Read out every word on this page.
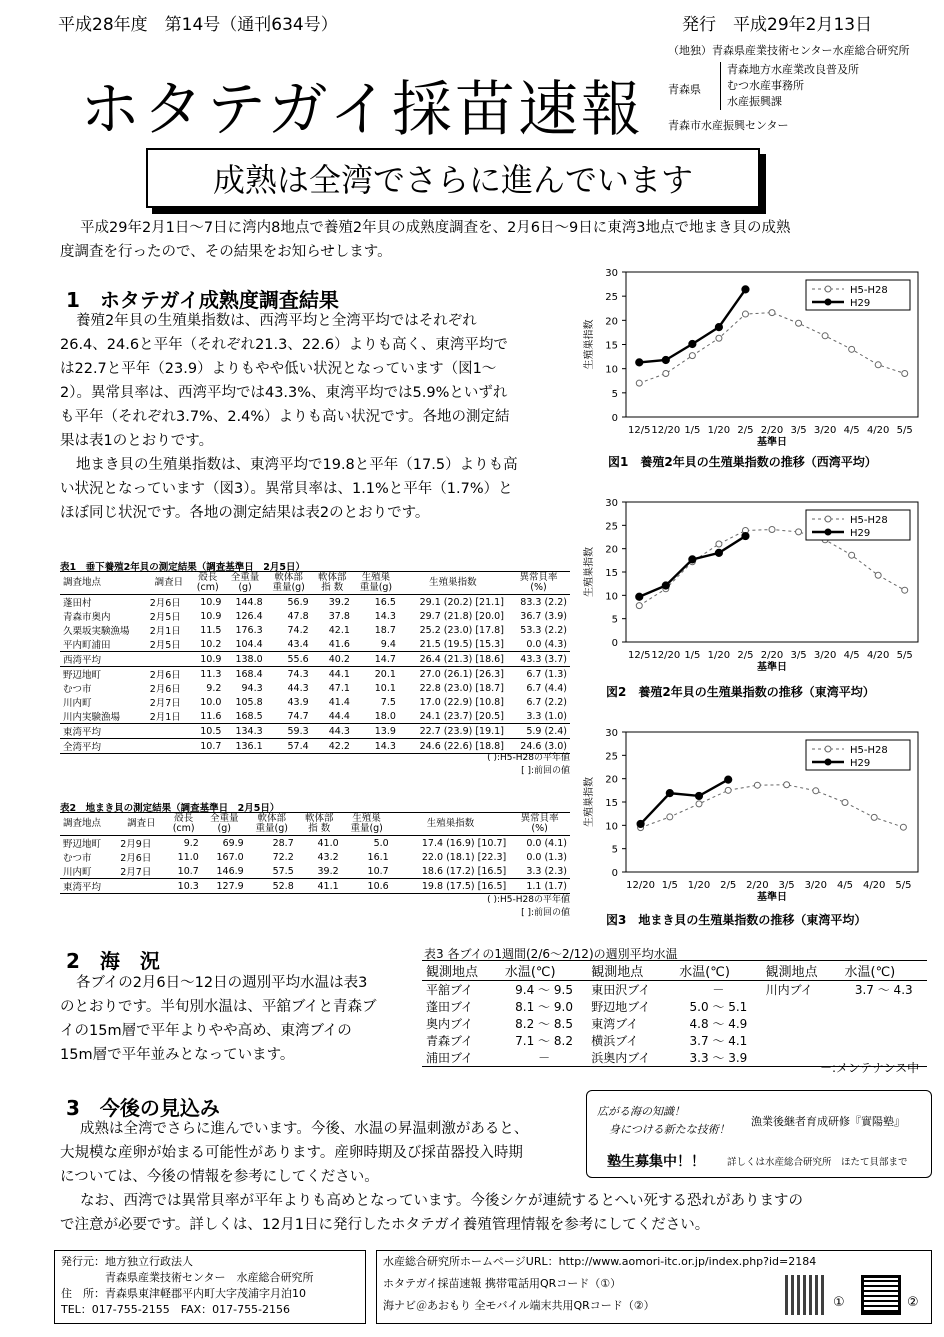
平成28年度　第14号（通刊634号）	発行　平成29年2月13日
ホタテガイ採苗速報
（地独）青森県産業技術センター水産総合研究所
青森県
青森地方水産業改良普及所
むつ水産事務所
水産振興課
青森市水産振興センター
成熟は全湾でさらに進んでいます
平成29年2月1日～7日に湾内8地点で養殖2年貝の成熟度調査を、2月6日～9日に東湾3地点で地まき貝の成熟
度調査を行ったので、その結果をお知らせします。
1　ホタテガイ成熟度調査結果
養殖2年貝の生殖巣指数は、西湾平均と全湾平均ではそれぞれ
26.4、24.6と平年（それぞれ21.3、22.6）よりも高く、東湾平均で
は22.7と平年（23.9）よりもやや低い状況となっています（図1～
2）。異常貝率は、西湾平均では43.3%、東湾平均では5.9%といずれ
も平年（それぞれ3.7%、2.4%）よりも高い状況です。各地の測定結
果は表1のとおりです。
地まき貝の生殖巣指数は、東湾平均で19.8と平年（17.5）よりも高
い状況となっています（図3）。異常貝率は、1.1%と平年（1.7%）と
ほぼ同じ状況です。各地の測定結果は表2のとおりです。
表1　垂下養殖2年貝の測定結果（調査基準日　2月5日）
調査地点	調査日	殻長
(cm)	全重量
(g)	軟体部
重量(g)	軟体部
指 数	生殖巣
重量(g)	生殖巣指数	異常貝率
(%)
蓬田村	2月6日	10.9	144.8	56.9	39.2	16.5	29.1 (20.2) [21.1]	83.3 (2.2)
青森市奥内	2月5日	10.9	126.4	47.8	37.8	14.3	29.7 (21.8) [20.0]	36.7 (3.9)
久栗坂実験漁場	2月1日	11.5	176.3	74.2	42.1	18.7	25.2 (23.0) [17.8]	53.3 (2.2)
平内町浦田	2月5日	10.2	104.4	43.4	41.6	9.4	21.5 (19.5) [15.3]	0.0 (4.3)
西湾平均		10.9	138.0	55.6	40.2	14.7	26.4 (21.3) [18.6]	43.3 (3.7)
野辺地町	2月6日	11.3	168.4	74.3	44.1	20.1	27.0 (26.1) [26.3]	6.7 (1.3)
むつ市	2月6日	9.2	94.3	44.3	47.1	10.1	22.8 (23.0) [18.7]	6.7 (4.4)
川内町	2月7日	10.0	105.8	43.9	41.4	7.5	17.0 (22.9) [10.8]	6.7 (2.2)
川内実験漁場	2月1日	11.6	168.5	74.7	44.4	18.0	24.1 (23.7) [20.5]	3.3 (1.0)
東湾平均		10.5	134.3	59.3	44.3	13.9	22.7 (23.9) [19.1]	5.9 (2.4)
全湾平均		10.7	136.1	57.4	42.2	14.3	24.6 (22.6) [18.8]	24.6 (3.0)
( ):H5-H28の平年値
[ ]:前回の値
表2　地まき貝の測定結果（調査基準日　2月5日）
調査地点	調査日	殻長
(cm)	全重量
(g)	軟体部
重量(g)	軟体部
指 数	生殖巣
重量(g)	生殖巣指数	異常貝率
(%)
野辺地町	2月9日	9.2	69.9	28.7	41.0	5.0	17.4 (16.9) [10.7]	0.0 (4.1)
むつ市	2月6日	11.0	167.0	72.2	43.2	16.1	22.0 (18.1) [22.3]	0.0 (1.3)
川内町	2月7日	10.7	146.9	57.5	39.2	10.7	18.6 (17.2) [16.5]	3.3 (2.3)
東湾平均		10.3	127.9	52.8	41.1	10.6	19.8 (17.5) [16.5]	1.1 (1.7)
( ):H5-H28の平年値
[ ]:前回の値
0
5
10
15
20
25
30
12/5 12/20 1/5 1/20 2/5 2/20 3/5 3/20 4/5 4/20 5/5
生殖巣指数
基準日
H5-H28
H29
図1　養殖2年貝の生殖巣指数の推移（西湾平均）
0
5
10
15
20
25
30
12/5 12/20 1/5 1/20 2/5 2/20 3/5 3/20 4/5 4/20 5/5
生殖巣指数
基準日
H5-H28
H29
図2　養殖2年貝の生殖巣指数の推移（東湾平均）
0
5
10
15
20
25
30
12/20 1/5 1/20 2/5 2/20 3/5 3/20 4/5 4/20 5/5
生殖巣指数
基準日
H5-H28
H29
図3　地まき貝の生殖巣指数の推移（東湾平均）
2　海　況
各ブイの2月6日～12日の週別平均水温は表3
のとおりです。半旬別水温は、平舘ブイと青森ブ
イの15m層で平年よりやや高め、東湾ブイの
15m層で平年並みとなっています。
表3 各ブイの1週間(2/6～2/12)の週別平均水温
観測地点	水温(℃)	観測地点	水温(℃)	観測地点	水温(℃)
平舘ブイ	9.4 ～ 9.5	東田沢ブイ	－	川内ブイ	3.7 ～ 4.3
蓬田ブイ	8.1 ～ 9.0	野辺地ブイ	5.0 ～ 5.1		
奥内ブイ	8.2 ～ 8.5	東湾ブイ	4.8 ～ 4.9		
青森ブイ	7.1 ～ 8.2	横浜ブイ	3.7 ～ 4.1		
浦田ブイ	－	浜奥内ブイ	3.3 ～ 3.9		
－:メンテナンス中
3　今後の見込み
成熟は全湾でさらに進んでいます。今後、水温の昇温刺激があると、
大規模な産卵が始まる可能性があります。産卵時期及び採苗器投入時期
については、今後の情報を参考にしてください。
なお、西湾では異常貝率が平年よりも高めとなっています。今後シケが連続するとへい死する恐れがありますの
で注意が必要です。詳しくは、12月1日に発行したホタテガイ養殖管理情報を参考にしてください。
広がる海の知識！
身につける新たな技術！
漁業後継者育成研修『實陽塾』
塾生募集中！！ 詳しくは水産総合研究所　ほたて貝部まで
発行元：地方独立行政法人
青森県産業技術センター　水産総合研究所
住　所：青森県東津軽郡平内町大字茂浦字月泊10
TEL：017-755-2155　FAX：017-755-2156
水産総合研究所ホームページURL：http://www.aomori-itc.or.jp/index.php?id=2184
ホタテガイ採苗速報 携帯電話用QRコード（①）
海ナビ＠あおもり 全モバイル端末共用QRコード（②）	①	②
